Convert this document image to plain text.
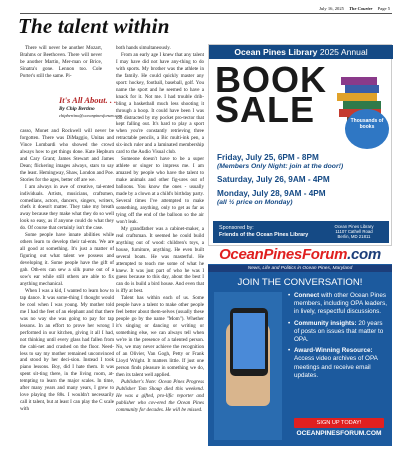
July 16, 2025 The Courier Page 5
The talent within

There will never be another Mozart, Brahms or Beethoven. There will never be another Martin, Mer-man or Brice, Sinatra's gone. Lennon too. Cole Porter's still the same. Pi-

It's All About. . .
By Chip Bertino
chipbertino@oceanpinesforum.com

casso, Monet and Rockwell will never be forgotten. There was DiMaggio, Unitas and Vince Lombardi who showed the crowd always how to get things done. Kate Hepburn and Cary Grant; James Stewart and James Dean; flickering images always, stars to say the least. Hemingway, Shaw, London and Poe. Stories for the ages, better off are we.

I am always in awe of creative, tal-ented individuals. Artists, musicians, craftsmen, comedians, actors, dancers, singers, writers, chefs it doesn't matter. They take my breath away because they make what they do so well look so easy, as if anyone could do what they do. Of course that certainly isn't the case.

Some people have innate abilities while others learn to develop their tal-ents. We are all good at something. It's just a matter of figuring out what talent we possess and developing it. Some people have the gift of gab. Oth-ers can sew a silk purse out of a sow's ear while still others are able to fix anything mechanical.

When I was a kid, I wanted to learn how to tap dance. It was some-thing I thought would be cool when I was young. My mother told me I had the feet of an elephant and that there was no way she was going to pay for tap lessons. In an effort to prove her wrong I performed in our kitchen, giving it all I had, not thinking until every glass had fallen from the cabi-net and crashed on the floor. Need-less to say my mother remained unconvinced and stood by her deci-sion. Instead I took piano lessons. Boy, did I hate them. It was spent sit-ting there, in the living room, at-tempting to learn the major scales. In time, after many years and many years, I grew to love playing the 88s. I wouldn't necessarily call it talent, but at least I can play the C scale with

both hands simultaneously.

From an early age I knew that any talent I may have did not have any-thing to do with sports. My brother was the athlete in the family. He could quickly master any sport: hockey, football, baseball, golf. You name the sport and he seemed to have a knack for it. Not me. I had trouble drib-bling a basketball much less shooting it through a hoop. It could have been I was too distracted by my pocket pro-tector that kept falling out. It's hard to play a sport when you're constantly retrieving three retractable pencils, a Bic multi-ink pen, a six-inch ruler and a laminated membership card to the Audio Visual club.

Someone doesn't have to be a super athlete or singer to impress me. I am amazed by people who have the talent to make animals and other fig-ures out of balloons. You know the ones - usually made by a clown at a child's birthday party. Several times I've attempted to make something, anything, only to get as far as tying off the end of the balloon so the air won't leak.

My grandfather was a cabinet-maker, a real craftsman. It seemed he could build anything out of wood: children's toys, a house, furniture, anything. He even built several boats. He was masterful. He attempted to teach me some of what he knew. It was just part of who he was I guess because to this day, about the best I can do is build a bird house. And even that is iffy at best.

Talent has within each of us. Some people have a talent to make other people feel better about them-selves (usually these people go by the name "Mom"). Whether it's singing or dancing or writing or something else, we can always tell when we're in the presence of a talented person. No, we may never achieve the recognition of an Olivier, Van Gogh, Petty or Frank Lloyd Wright. It matters little. If just one person finds pleasure in something we do, then its talent well applied.

Publisher's Note: Ocean Pines Progress Publisher Tom Shoup died this weekend. He was a gifted, pro-lific reporter and publisher who cov-ered the Ocean Pines community for decades. He will be missed.

Ocean Pines Library 2025 Annual
BOOK
SALE	Thousands of books
Friday, July 25, 6PM - 8PM
(Members Only Night: join at the door!)
Saturday, July 26, 9AM - 4PM
Monday, July 28, 9AM - 4PM
(all ½ price on Monday)
Sponsored by:
Friends of the Ocean Pines Library
Ocean Pines Library
11107 Cathell Road
Berlin, MD 21811
OceanPinesForum.com
News, Life and Politics in Ocean Pines, Maryland
JOIN THE CONVERSATION!
• Connect with other Ocean Pines members, including OPA leaders, in lively, respectful discussions.
• Community insights: 20 years of posts on issues that matter to OPA.
• Award-Winning Resource: Access video archives of OPA meetings and receive email updates.
SIGN UP TODAY!
OCEANPINESFORUM.COM
